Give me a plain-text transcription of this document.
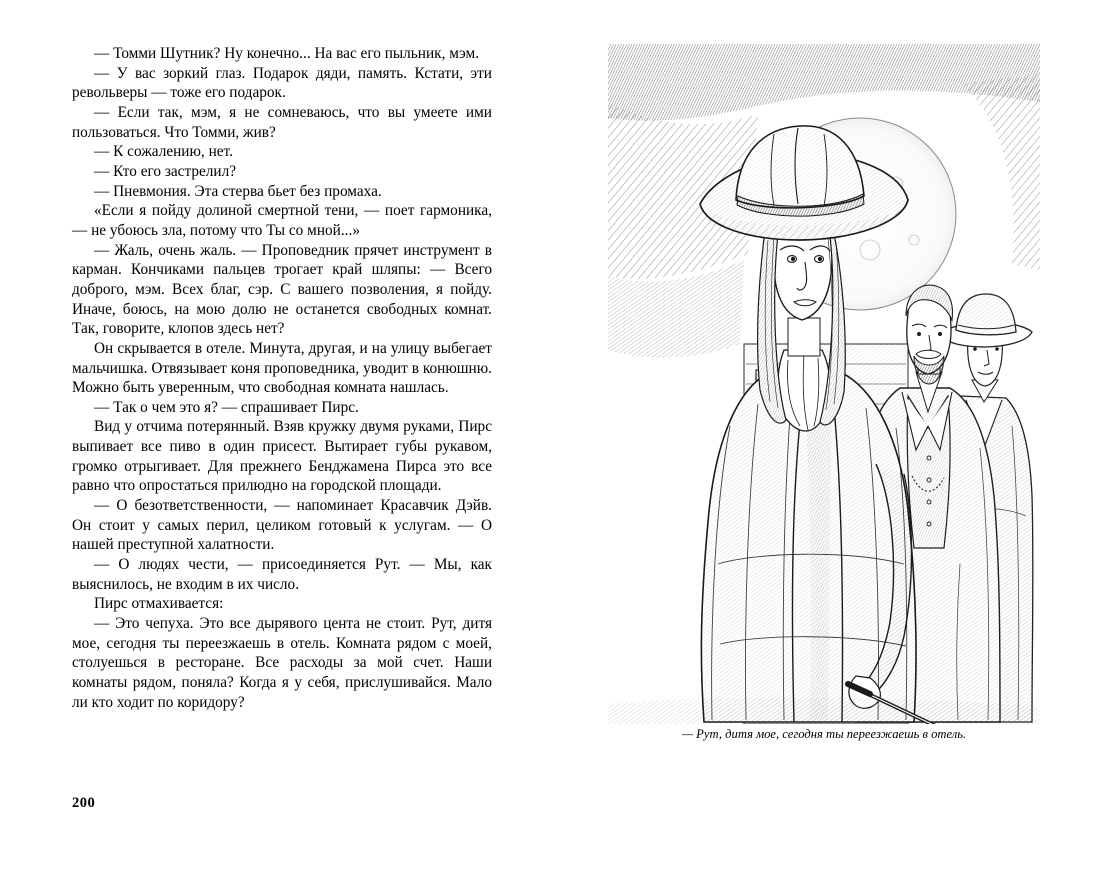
— Томми Шутник? Ну конечно... На вас его пыльник, мэм.

— У вас зоркий глаз. Подарок дяди, память. Кстати, эти револьверы — тоже его подарок.

— Если так, мэм, я не сомневаюсь, что вы умеете ими пользоваться. Что Томми, жив?

— К сожалению, нет.

— Кто его застрелил?

— Пневмония. Эта стерва бьет без промаха.

«Если я пойду долиной смертной тени, — поет гармоника, — не убоюсь зла, потому что Ты со мной...»

— Жаль, очень жаль. — Проповедник прячет инструмент в карман. Кончиками пальцев трогает край шляпы: — Всего доброго, мэм. Всех благ, сэр. С вашего позволения, я пойду. Иначе, боюсь, на мою долю не останется свободных комнат. Так, говорите, клопов здесь нет?

Он скрывается в отеле. Минута, другая, и на улицу выбегает мальчишка. Отвязывает коня проповедника, уводит в конюшню. Можно быть уверенным, что свободная комната нашлась.

— Так о чем это я? — спрашивает Пирс.

Вид у отчима потерянный. Взяв кружку двумя руками, Пирс выпивает все пиво в один присест. Вытирает губы рукавом, громко отрыгивает. Для прежнего Бенджамена Пирса это все равно что опростаться прилюдно на городской площади.

— О безответственности, — напоминает Красавчик Дэйв. Он стоит у самых перил, целиком готовый к услугам. — О нашей преступной халатности.

— О людях чести, — присоединяется Рут. — Мы, как выяснилось, не входим в их число.

Пирс отмахивается:

— Это чепуха. Это все дырявого цента не стоит. Рут, дитя мое, сегодня ты переезжаешь в отель. Комната рядом с моей, столуешься в ресторане. Все расходы за мой счет. Наши комнаты рядом, поняла? Когда я у себя, прислушивайся. Мало ли кто ходит по коридору?

200
— Рут, дитя мое, сегодня ты переезжаешь в отель.
